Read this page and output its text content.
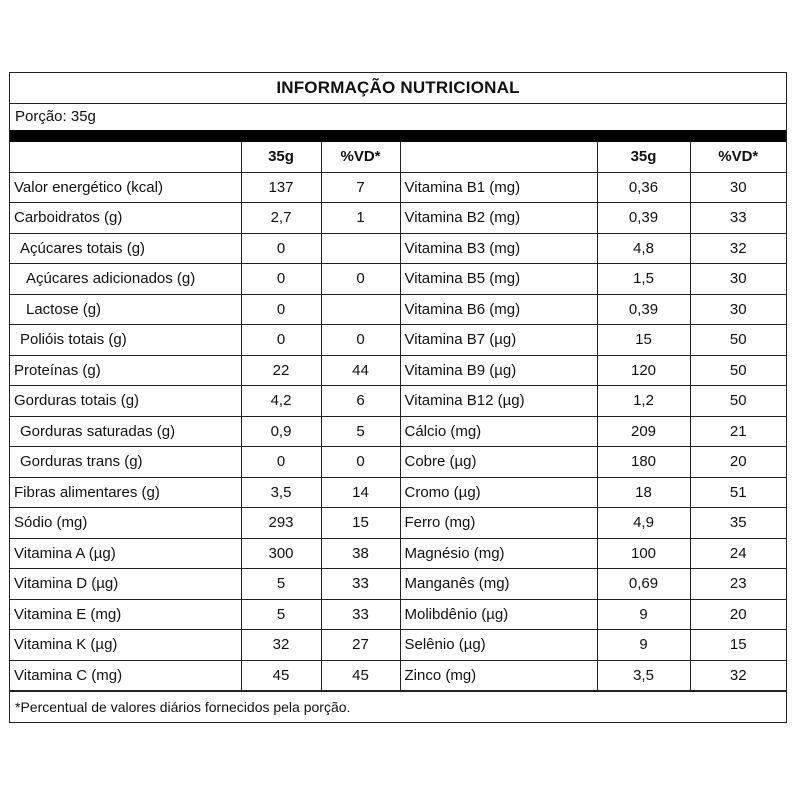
INFORMAÇÃO NUTRICIONAL
Porção: 35g
	35g	%VD*		35g	%VD*
Valor energético (kcal)	137	7	Vitamina B1 (mg)	0,36	30
Carboidratos (g)	2,7	1	Vitamina B2 (mg)	0,39	33
Açúcares totais (g)	0		Vitamina B3 (mg)	4,8	32
Açúcares adicionados (g)	0	0	Vitamina B5 (mg)	1,5	30
Lactose (g)	0		Vitamina B6 (mg)	0,39	30
Polióis totais (g)	0	0	Vitamina B7 (µg)	15	50
Proteínas (g)	22	44	Vitamina B9 (µg)	120	50
Gorduras totais (g)	4,2	6	Vitamina B12 (µg)	1,2	50
Gorduras saturadas (g)	0,9	5	Cálcio (mg)	209	21
Gorduras trans (g)	0	0	Cobre (µg)	180	20
Fibras alimentares (g)	3,5	14	Cromo (µg)	18	51
Sódio (mg)	293	15	Ferro (mg)	4,9	35
Vitamina A (µg)	300	38	Magnésio (mg)	100	24
Vitamina D (µg)	5	33	Manganês (mg)	0,69	23
Vitamina E (mg)	5	33	Molibdênio (µg)	9	20
Vitamina K (µg)	32	27	Selênio (µg)	9	15
Vitamina C (mg)	45	45	Zinco (mg)	3,5	32
*Percentual de valores diários fornecidos pela porção.
